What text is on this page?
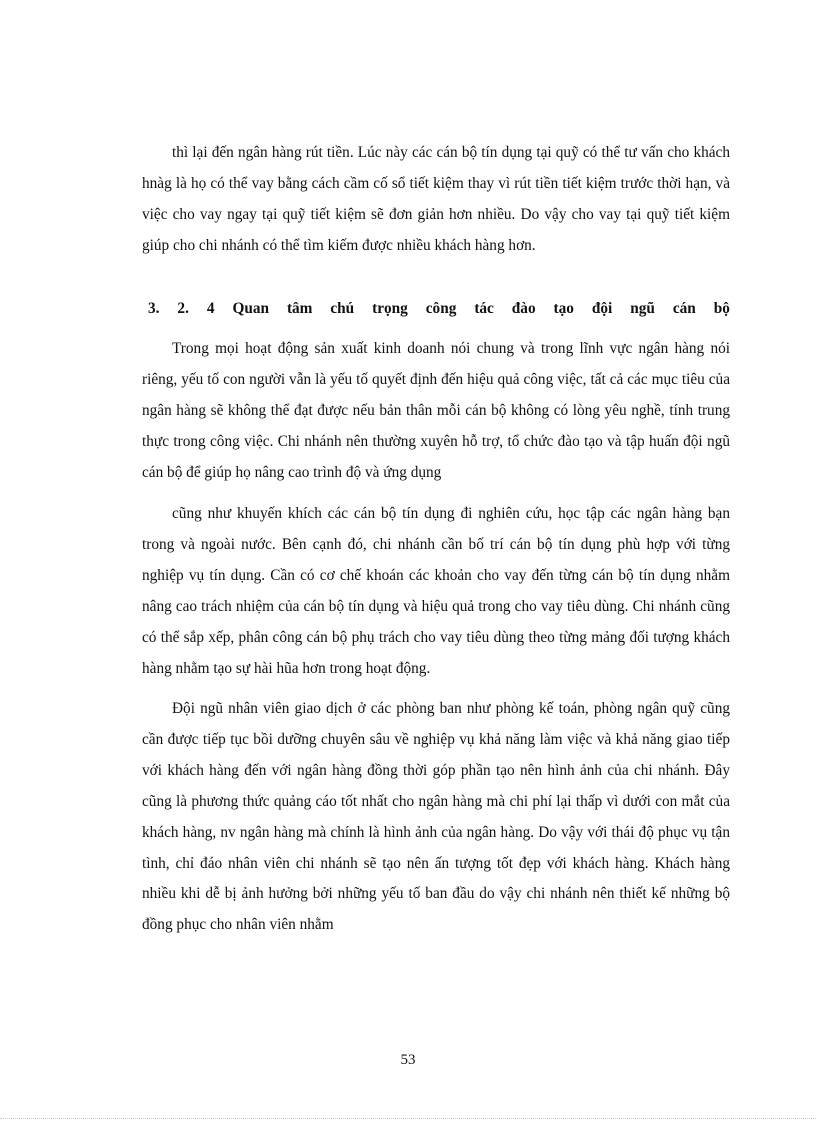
thì lại đến ngân hàng rút tiền. Lúc này các cán bộ tín dụng tại quỹ có thể tư vấn cho khách hnàg là họ có thể vay bằng cách cầm cố sổ tiết kiệm thay vì rút tiền tiết kiệm trước thời hạn, và việc cho vay ngay tại quỹ tiết kiệm sẽ đơn giản hơn nhiều. Do vậy cho vay tại quỹ tiết kiệm giúp cho chi nhánh có thể tìm kiếm được nhiều khách hàng hơn.

3. 2. 4 Quan tâm chú trọng công tác đào tạo đội ngũ cán bộ

Trong mọi hoạt động sản xuất kinh doanh nói chung và trong lĩnh vực ngân hàng nói riêng, yếu tố con người vẫn là yếu tố quyết định đến hiệu quả công việc, tất cả các mục tiêu của ngân hàng sẽ không thể đạt được nếu bản thân mỗi cán bộ không có lòng yêu nghề, tính trung thực trong công việc. Chi nhánh nên thường xuyên hỗ trợ, tổ chức đào tạo và tập huấn đội ngũ cán bộ để giúp họ nâng cao trình độ và ứng dụng

cũng như khuyến khích các cán bộ tín dụng đi nghiên cứu, học tập các ngân hàng bạn trong và ngoài nước. Bên cạnh đó, chi nhánh cần bố trí cán bộ tín dụng phù hợp với từng nghiệp vụ tín dụng. Cần có cơ chế khoán các khoản cho vay đến từng cán bộ tín dụng nhằm nâng cao trách nhiệm của cán bộ tín dụng và hiệu quả trong cho vay tiêu dùng. Chi nhánh cũng có thể sắp xếp, phân công cán bộ phụ trách cho vay tiêu dùng theo từng mảng đối tượng khách hàng nhằm tạo sự hài hũa hơn trong hoạt động.

Đội ngũ nhân viên giao dịch ở các phòng ban như phòng kế toán, phòng ngân quỹ cũng cần được tiếp tục bồi dưỡng chuyên sâu về nghiệp vụ khả năng làm việc và khả năng giao tiếp với khách hàng đến với ngân hàng đồng thời góp phần tạo nên hình ảnh của chi nhánh. Đây cũng là phương thức quảng cáo tốt nhất cho ngân hàng mà chi phí lại thấp vì dưới con mắt của khách hàng, nv ngân hàng mà chính là hình ảnh của ngân hàng. Do vậy với thái độ phục vụ tận tình, chỉ đáo nhân viên chi nhánh sẽ tạo nên ấn tượng tốt đẹp với khách hàng. Khách hàng nhiều khi dễ bị ảnh hưởng bởi những yếu tố ban đầu do vậy chi nhánh nên thiết kế những bộ đồng phục cho nhân viên nhằm

53
